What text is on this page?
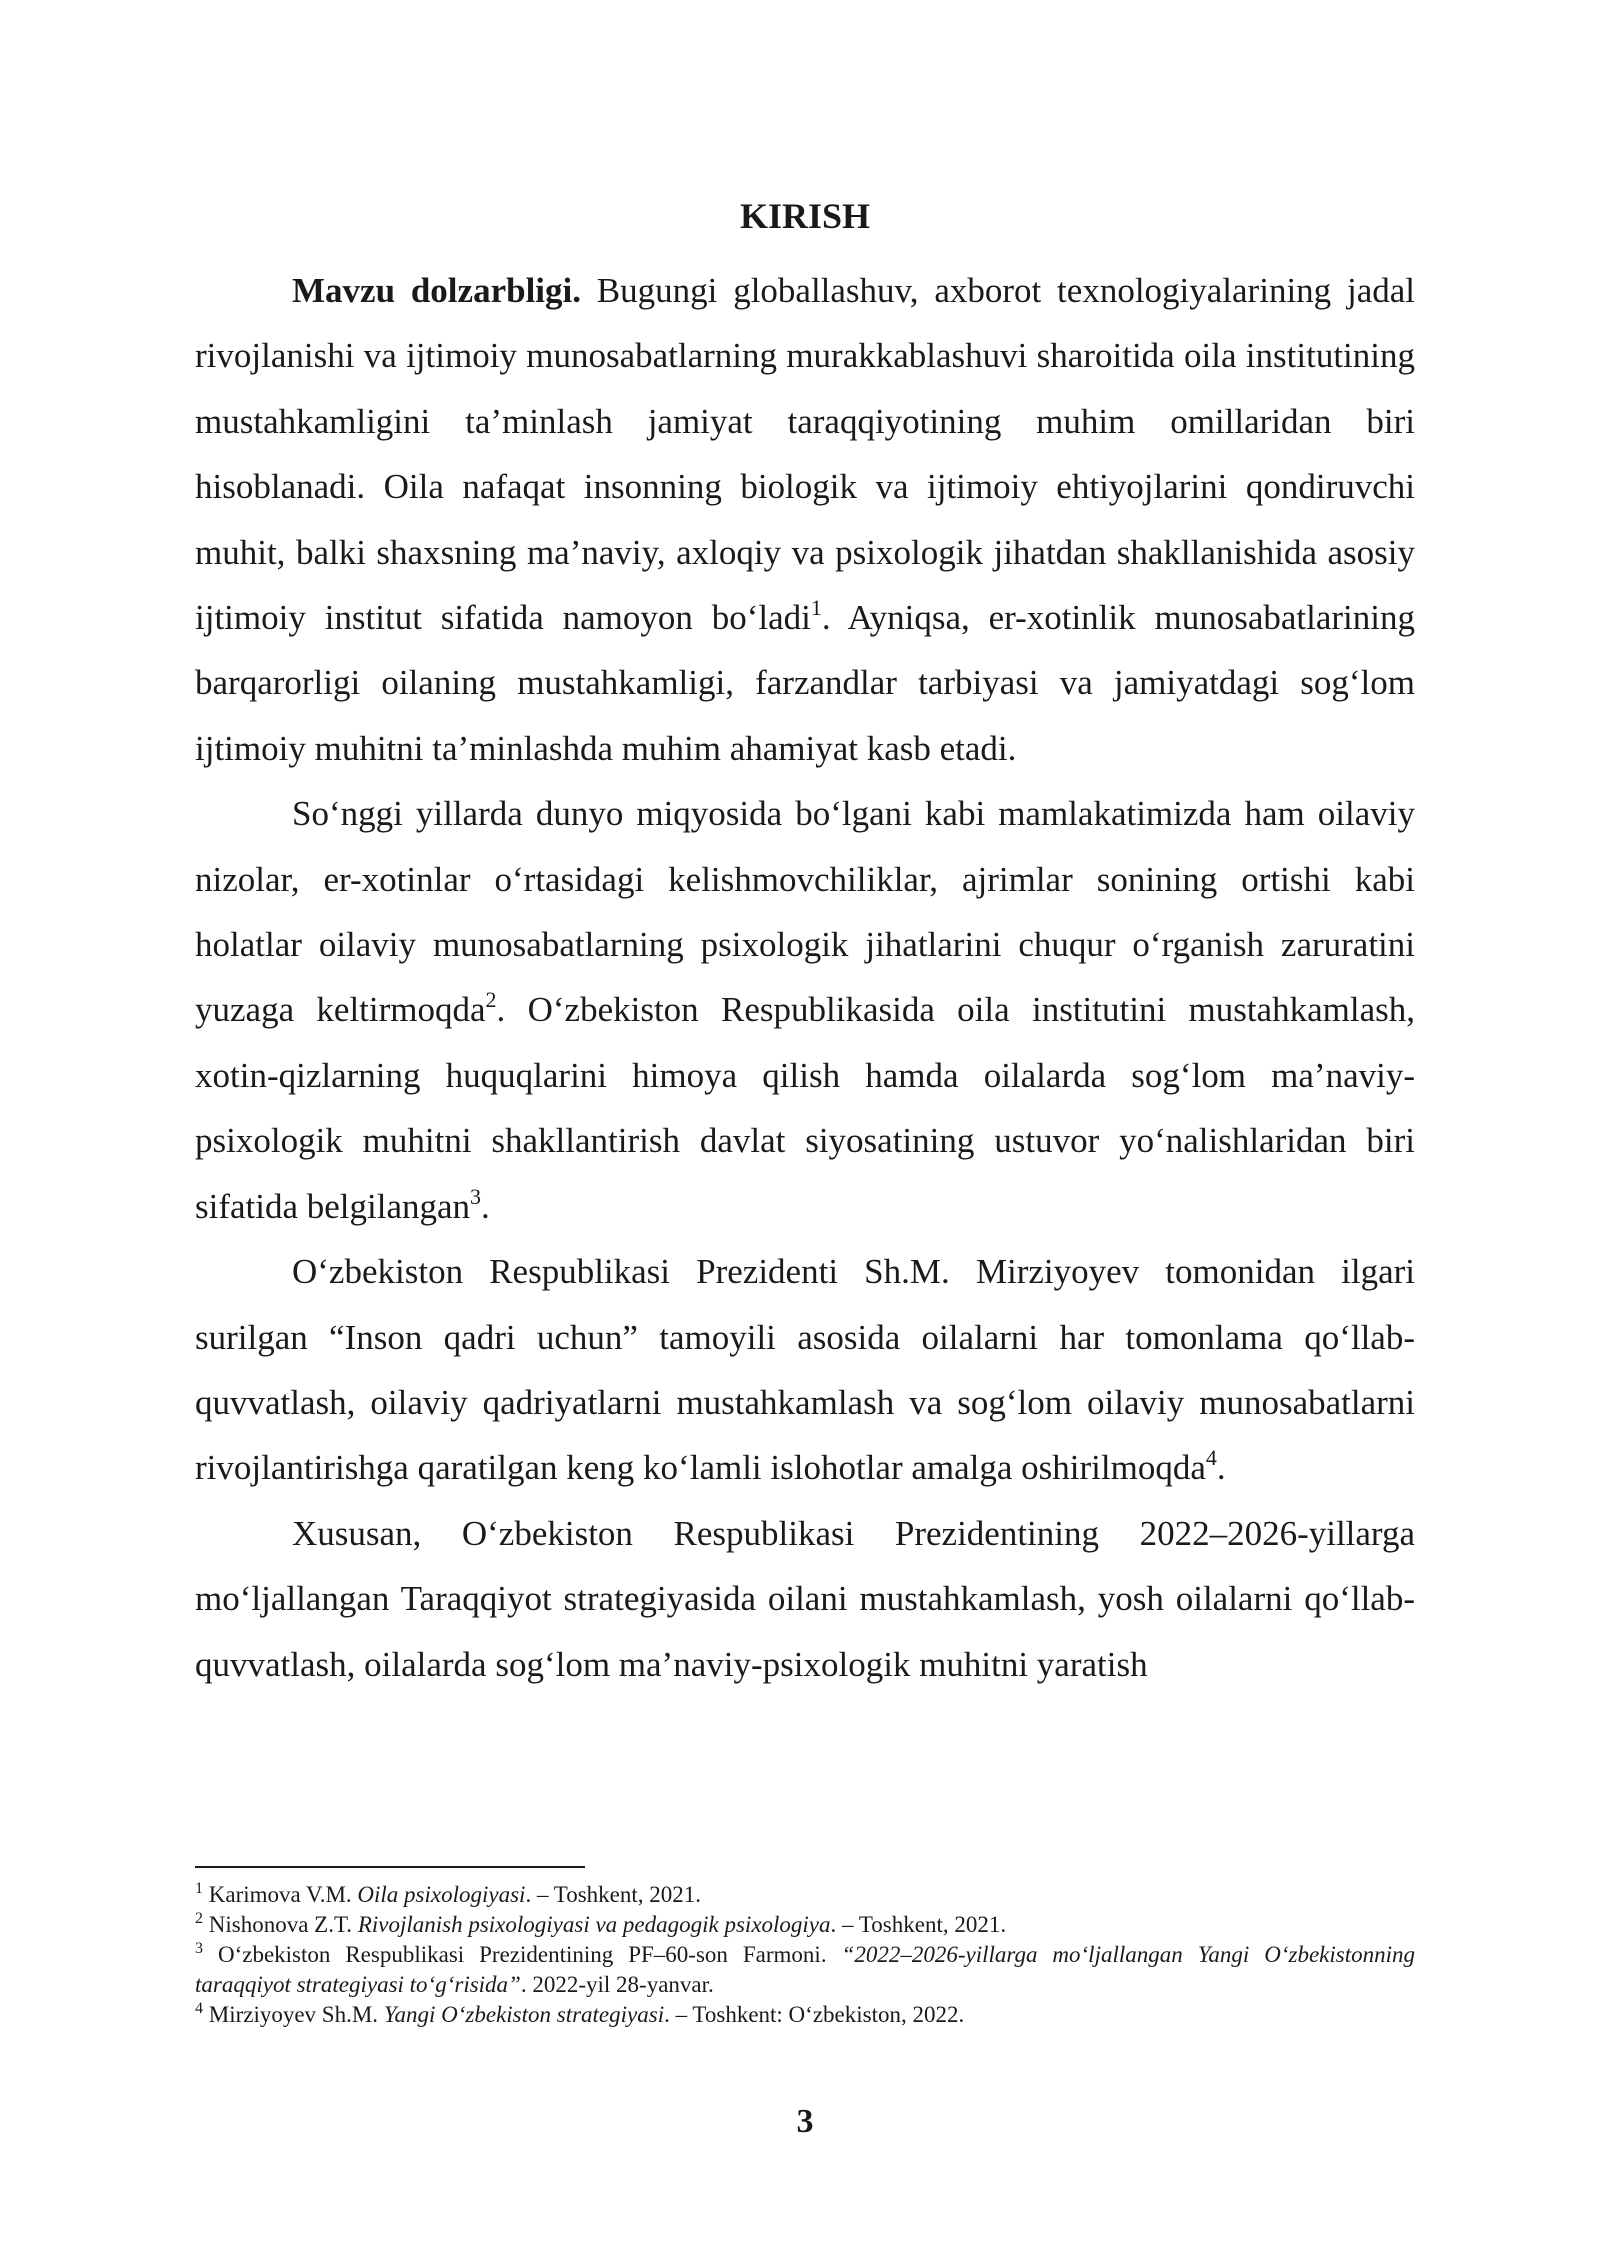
KIRISH

Mavzu dolzarbligi. Bugungi globallashuv, axborot texnologiyalarining jadal rivojlanishi va ijtimoiy munosabatlarning murakkablashuvi sharoitida oila institutining mustahkamligini ta’minlash jamiyat taraqqiyotining muhim omillaridan biri hisoblanadi. Oila nafaqat insonning biologik va ijtimoiy ehtiyojlarini qondiruvchi muhit, balki shaxsning ma’naviy, axloqiy va psixologik jihatdan shakllanishida asosiy ijtimoiy institut sifatida namoyon bo‘ladi$^1$. Ayniqsa, er-xotinlik munosabatlarining barqarorligi oilaning mustahkamligi, farzandlar tarbiyasi va jamiyatdagi sog‘lom ijtimoiy muhitni ta’minlashda muhim ahamiyat kasb etadi.

So‘nggi yillarda dunyo miqyosida bo‘lgani kabi mamlakatimizda ham oilaviy nizolar, er-xotinlar o‘rtasidagi kelishmovchiliklar, ajrimlar sonining ortishi kabi holatlar oilaviy munosabatlarning psixologik jihatlarini chuqur o‘rganish zaruratini yuzaga keltirmoqda$^2$. O‘zbekiston Respublikasida oila institutini mustahkamlash, xotin-qizlarning huquqlarini himoya qilish hamda oilalarda sog‘lom ma’naviy-psixologik muhitni shakllantirish davlat siyosatining ustuvor yo‘nalishlaridan biri sifatida belgilangan$^3$.

O‘zbekiston Respublikasi Prezidenti Sh.M. Mirziyoyev tomonidan ilgari surilgan “Inson qadri uchun” tamoyili asosida oilalarni har tomonlama qo‘llab-quvvatlash, oilaviy qadriyatlarni mustahkamlash va sog‘lom oilaviy munosabatlarni rivojlantirishga qaratilgan keng ko‘lamli islohotlar amalga oshirilmoqda$^4$.

Xususan, O‘zbekiston Respublikasi Prezidentining 2022–2026-yillarga mo‘ljallangan Taraqqiyot strategiyasida oilani mustahkamlash, yosh oilalarni qo‘llab-quvvatlash, oilalarda sog‘lom ma’naviy-psixologik muhitni yaratish

$^1$ Karimova V.M. Oila psixologiyasi. – Toshkent, 2021.

$^2$ Nishonova Z.T. Rivojlanish psixologiyasi va pedagogik psixologiya. – Toshkent, 2021.

$^3$ O‘zbekiston Respublikasi Prezidentining PF–60-son Farmoni. “2022–2026-yillarga mo‘ljallangan Yangi O‘zbekistonning taraqqiyot strategiyasi to‘g‘risida”. 2022-yil 28-yanvar.

$^4$ Mirziyoyev Sh.M. Yangi O‘zbekiston strategiyasi. – Toshkent: O‘zbekiston, 2022.

3
